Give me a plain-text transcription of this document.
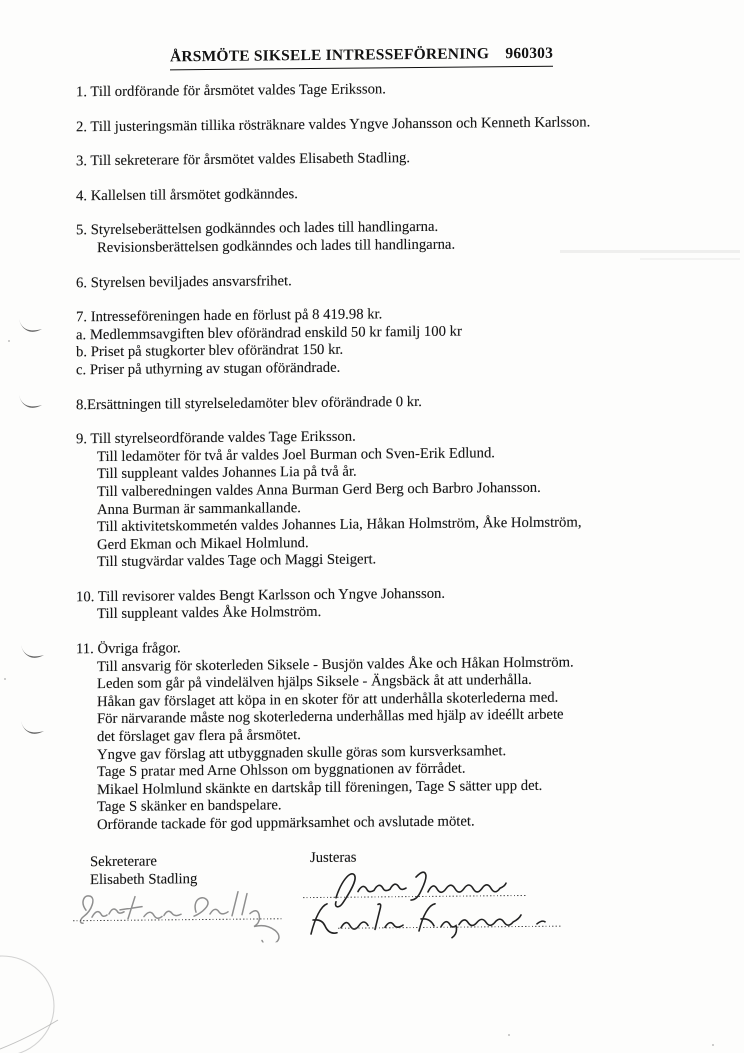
ÅRSMÖTE SIKSELE INTRESSEFÖRENING    960303
1. Till ordförande för årsmötet valdes Tage Eriksson.
2. Till justeringsmän tillika rösträknare valdes Yngve Johansson och Kenneth Karlsson.
3. Till sekreterare för årsmötet valdes Elisabeth Stadling.
4. Kallelsen till årsmötet godkänndes.
5. Styrelseberättelsen godkänndes och lades till handlingarna.
Revisionsberättelsen godkänndes och lades till handlingarna.
6. Styrelsen beviljades ansvarsfrihet.
7. Intresseföreningen hade en förlust på 8 419.98 kr.
a. Medlemmsavgiften blev oförändrad enskild 50 kr familj 100 kr
b. Priset på stugkorter blev oförändrat 150 kr.
c. Priser på uthyrning av stugan oförändrade.
8.Ersättningen till styrelseledamöter blev oförändrade 0 kr.
9. Till styrelseordförande valdes Tage Eriksson.
Till ledamöter för två år valdes Joel Burman och Sven-Erik Edlund.
Till suppleant valdes Johannes Lia på två år.
Till valberedningen valdes Anna Burman Gerd Berg och Barbro Johansson.
Anna Burman är sammankallande.
Till aktivitetskommetén valdes Johannes Lia, Håkan Holmström, Åke Holmström,
Gerd Ekman och Mikael Holmlund.
Till stugvärdar valdes Tage och Maggi Steigert.
10. Till revisorer valdes Bengt Karlsson och Yngve Johansson.
Till suppleant valdes Åke Holmström.
11. Övriga frågor.
Till ansvarig för skoterleden Siksele - Busjön valdes Åke och Håkan Holmström.
Leden som går på vindelälven hjälps Siksele - Ängsbäck åt att underhålla.
Håkan gav förslaget att köpa in en skoter för att underhålla skoterlederna med.
För närvarande måste nog skoterlederna underhållas med hjälp av ideéllt arbete
det förslaget gav flera på årsmötet.
Yngve gav förslag att utbyggnaden skulle göras som kursverksamhet.
Tage S pratar med Arne Ohlsson om byggnationen av förrådet.
Mikael Holmlund skänkte en dartskåp till föreningen, Tage S sätter upp det.
Tage S skänker en bandspelare.
Orförande tackade för god uppmärksamhet och avslutade mötet.
Sekreterare
Elisabeth Stadling
Justeras
